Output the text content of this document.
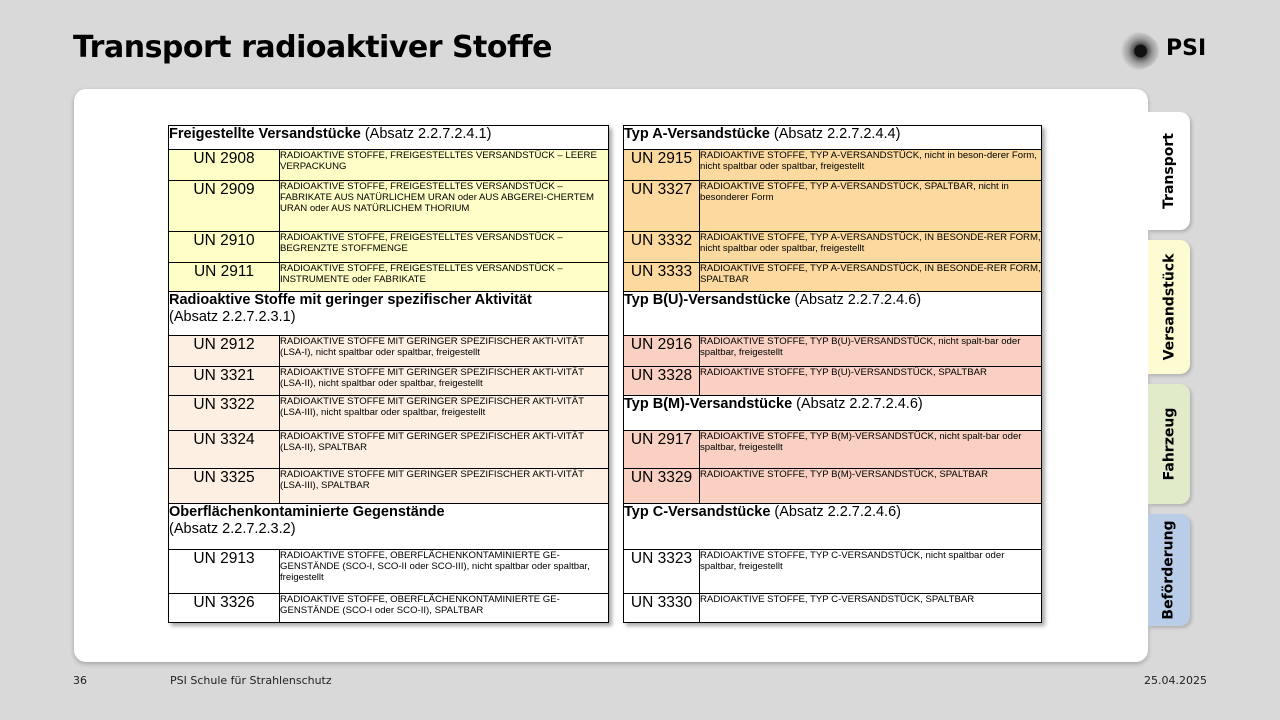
Transport radioaktiver Stoffe	PSI
Transport
Versandstück
Fahrzeug
Beförderung
Freigestellte Versandstücke (Absatz 2.2.7.2.4.1)	
UN 2908	RADIOAKTIVE STOFFE, FREIGESTELLTES VERSANDSTÜCK – LEERE VERPACKUNG
UN 2909	RADIOAKTIVE STOFFE, FREIGESTELLTES VERSANDSTÜCK – FABRIKATE AUS NATÜRLICHEM URAN oder AUS ABGEREI-CHERTEM URAN oder AUS NATÜRLICHEM THORIUM
UN 2910	RADIOAKTIVE STOFFE, FREIGESTELLTES VERSANDSTÜCK – BEGRENZTE STOFFMENGE
UN 2911	RADIOAKTIVE STOFFE, FREIGESTELLTES VERSANDSTÜCK – INSTRUMENTE oder FABRIKATE
Radioaktive Stoffe mit geringer spezifischer Aktivität
(Absatz 2.2.7.2.3.1)	
UN 2912	RADIOAKTIVE STOFFE MIT GERINGER SPEZIFISCHER AKTI-VITÄT (LSA-I), nicht spaltbar oder spaltbar, freigestellt
UN 3321	RADIOAKTIVE STOFFE MIT GERINGER SPEZIFISCHER AKTI-VITÄT (LSA-II), nicht spaltbar oder spaltbar, freigestellt
UN 3322	RADIOAKTIVE STOFFE MIT GERINGER SPEZIFISCHER AKTI-VITÄT (LSA-III), nicht spaltbar oder spaltbar, freigestellt
UN 3324	RADIOAKTIVE STOFFE MIT GERINGER SPEZIFISCHER AKTI-VITÄT (LSA-II), SPALTBAR
UN 3325	RADIOAKTIVE STOFFE MIT GERINGER SPEZIFISCHER AKTI-VITÄT (LSA-III), SPALTBAR
Oberflächenkontaminierte Gegenstände
(Absatz 2.2.7.2.3.2)	
UN 2913	RADIOAKTIVE STOFFE, OBERFLÄCHENKONTAMINIERTE GE-GENSTÄNDE (SCO-I, SCO-II oder SCO-III), nicht spaltbar oder spaltbar, freigestellt
UN 3326	RADIOAKTIVE STOFFE, OBERFLÄCHENKONTAMINIERTE GE-GENSTÄNDE (SCO-I oder SCO-II), SPALTBAR
Typ A-Versandstücke (Absatz 2.2.7.2.4.4)	
UN 2915	RADIOAKTIVE STOFFE, TYP A-VERSANDSTÜCK, nicht in beson-derer Form, nicht spaltbar oder spaltbar, freigestellt
UN 3327	RADIOAKTIVE STOFFE, TYP A-VERSANDSTÜCK, SPALTBAR, nicht in besonderer Form
UN 3332	RADIOAKTIVE STOFFE, TYP A-VERSANDSTÜCK, IN BESONDE-RER FORM, nicht spaltbar oder spaltbar, freigestellt
UN 3333	RADIOAKTIVE STOFFE, TYP A-VERSANDSTÜCK, IN BESONDE-RER FORM, SPALTBAR
Typ B(U)-Versandstücke (Absatz 2.2.7.2.4.6)	
UN 2916	RADIOAKTIVE STOFFE, TYP B(U)-VERSANDSTÜCK, nicht spalt-bar oder spaltbar, freigestellt
UN 3328	RADIOAKTIVE STOFFE, TYP B(U)-VERSANDSTÜCK, SPALTBAR
Typ B(M)-Versandstücke (Absatz 2.2.7.2.4.6)	
UN 2917	RADIOAKTIVE STOFFE, TYP B(M)-VERSANDSTÜCK, nicht spalt-bar oder spaltbar, freigestellt
UN 3329	RADIOAKTIVE STOFFE, TYP B(M)-VERSANDSTÜCK, SPALTBAR
Typ C-Versandstücke (Absatz 2.2.7.2.4.6)	
UN 3323	RADIOAKTIVE STOFFE, TYP C-VERSANDSTÜCK, nicht spaltbar oder spaltbar, freigestellt
UN 3330	RADIOAKTIVE STOFFE, TYP C-VERSANDSTÜCK, SPALTBAR
36	PSI Schule für Strahlenschutz	25.04.2025
